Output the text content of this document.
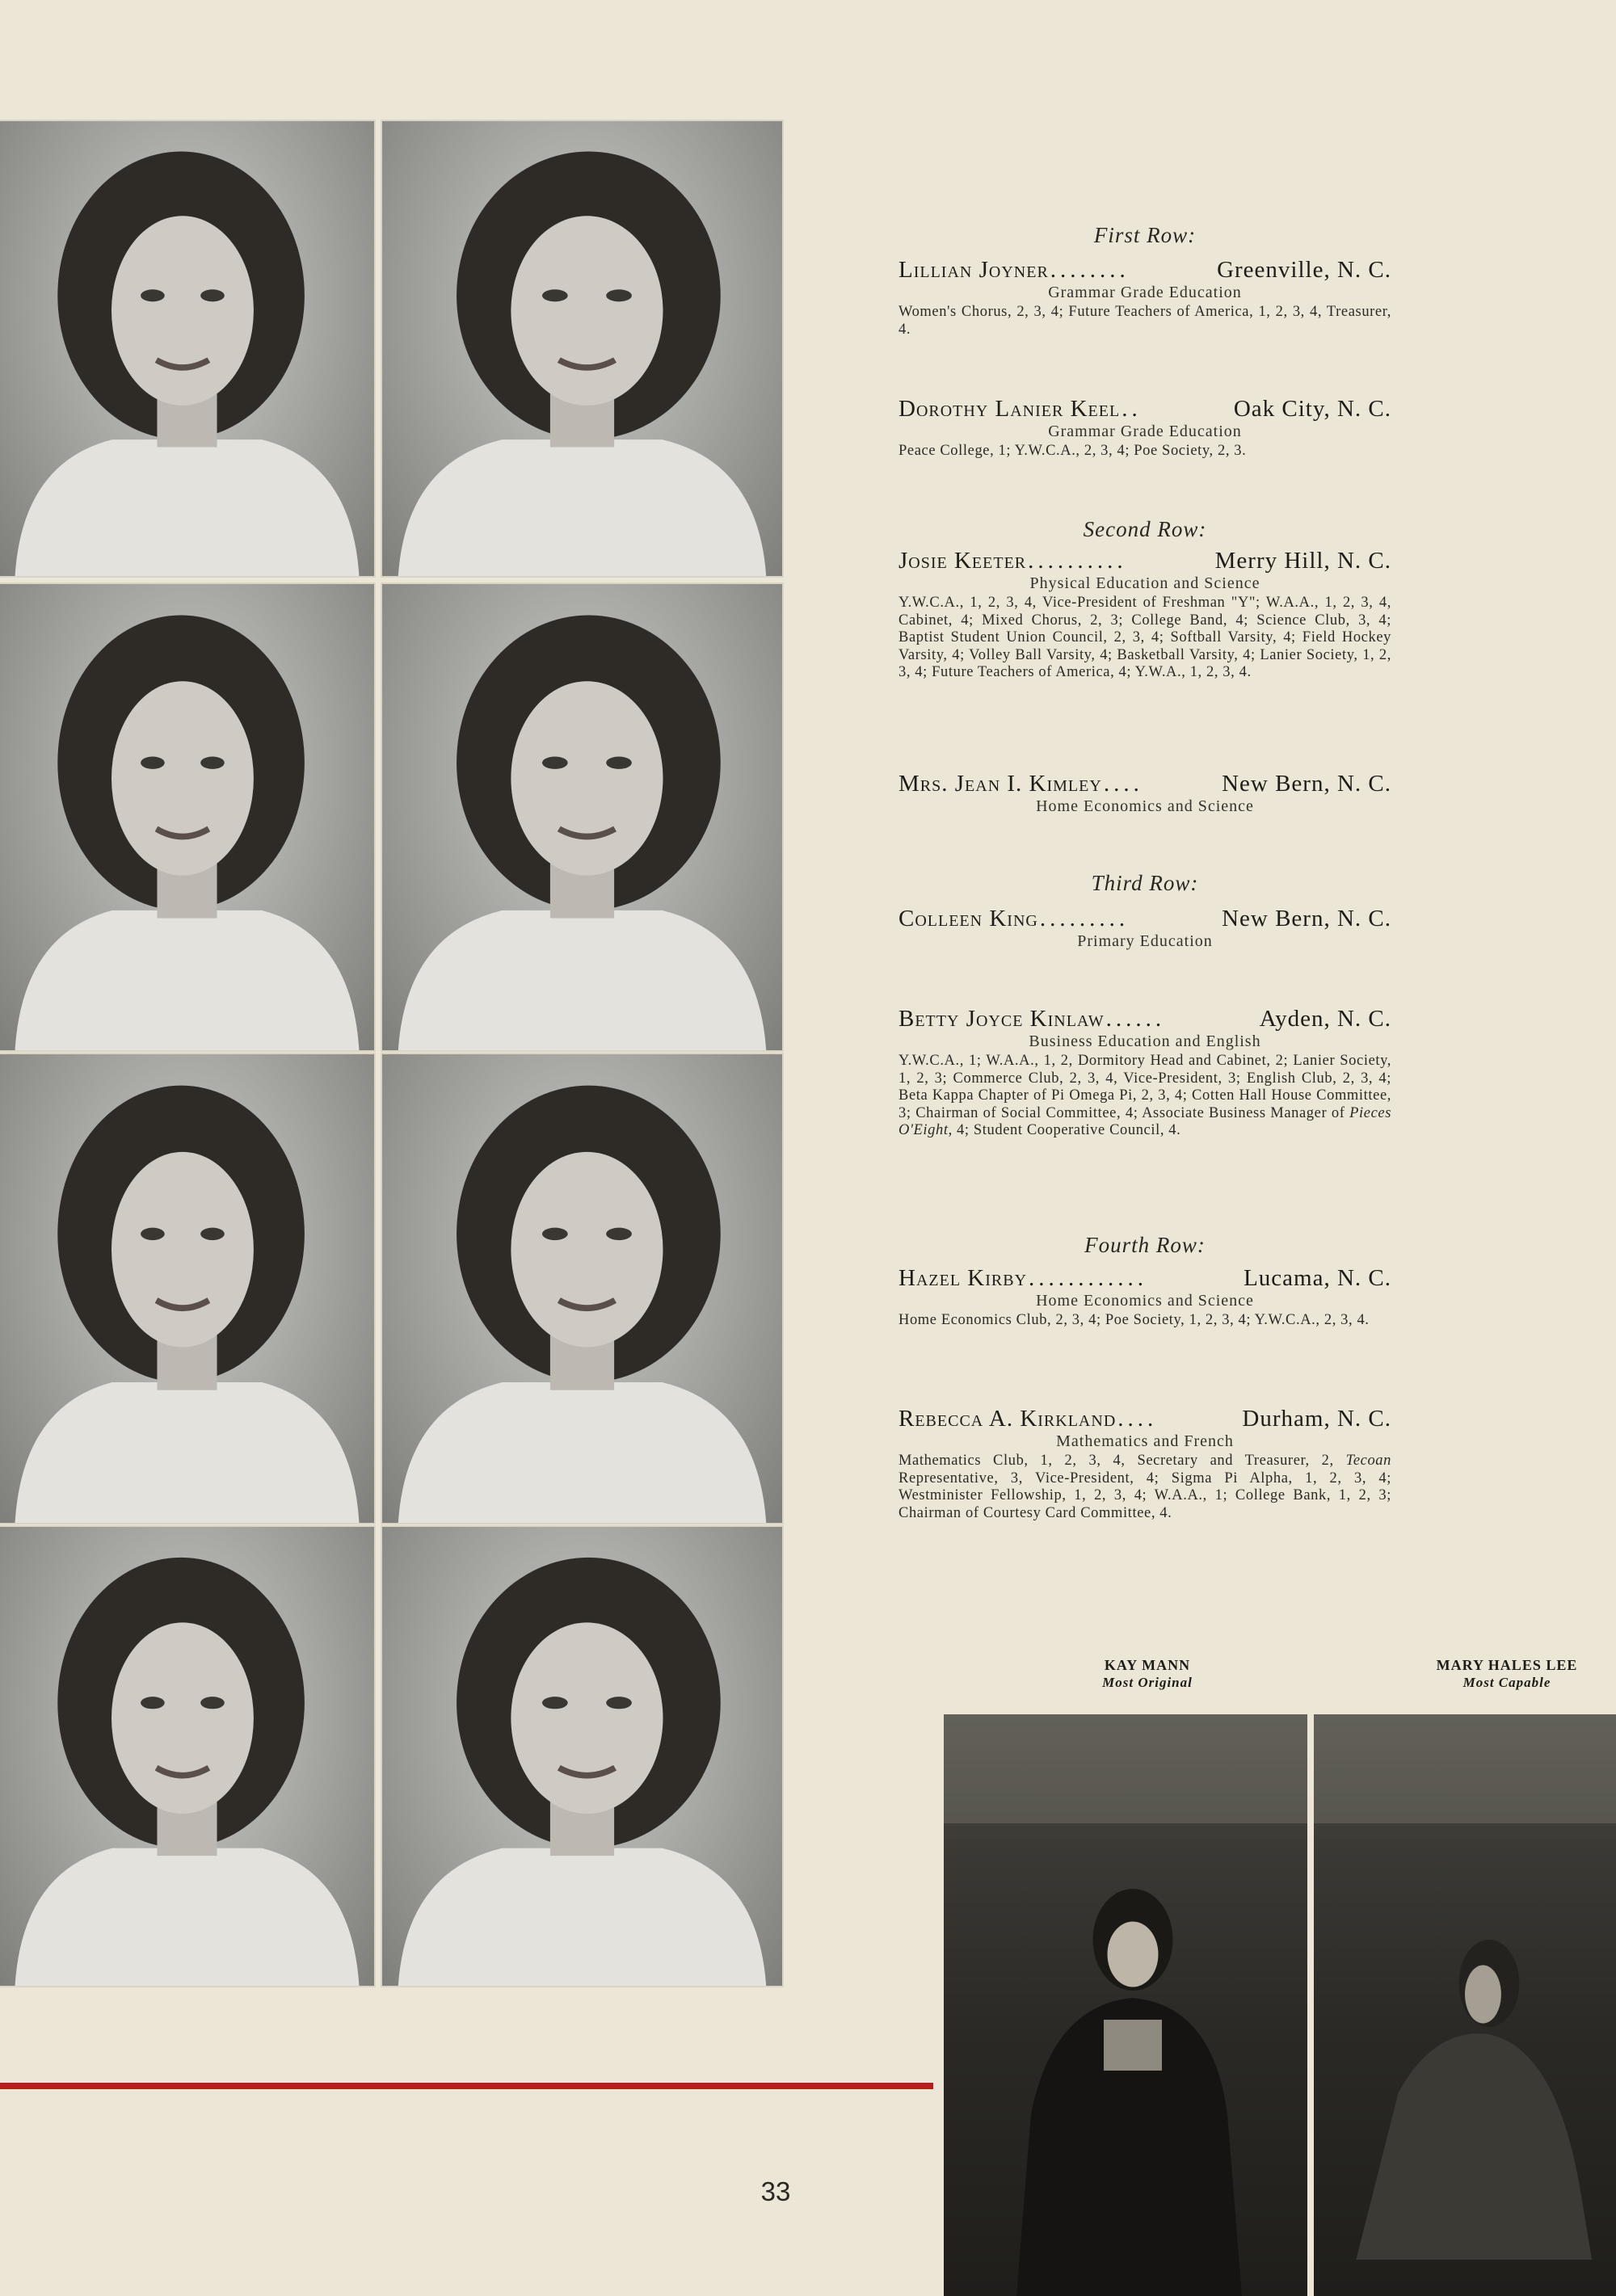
First Row:
Lillian Joyner ........	Greenville, N. C.
Grammar Grade Education
Women's Chorus, 2, 3, 4; Future Teachers of America, 1, 2, 3, 4, Treasurer, 4.
Dorothy Lanier Keel ..	Oak City, N. C.
Grammar Grade Education
Peace College, 1; Y.W.C.A., 2, 3, 4; Poe Society, 2, 3.
Second Row:
Josie Keeter ..........	Merry Hill, N. C.
Physical Education and Science
Y.W.C.A., 1, 2, 3, 4, Vice-President of Freshman "Y"; W.A.A., 1, 2, 3, 4, Cabinet, 4; Mixed Chorus, 2, 3; College Band, 4; Science Club, 3, 4; Baptist Student Union Council, 2, 3, 4; Softball Varsity, 4; Field Hockey Varsity, 4; Volley Ball Varsity, 4; Basketball Varsity, 4; Lanier Society, 1, 2, 3, 4; Future Teachers of America, 4; Y.W.A., 1, 2, 3, 4.
Mrs. Jean I. Kimley ....	New Bern, N. C.
Home Economics and Science
Third Row:
Colleen King .........	New Bern, N. C.
Primary Education
Betty Joyce Kinlaw ......	Ayden, N. C.
Business Education and English
Y.W.C.A., 1; W.A.A., 1, 2, Dormitory Head and Cabinet, 2; Lanier Society, 1, 2, 3; Commerce Club, 2, 3, 4, Vice-President, 3; English Club, 2, 3, 4; Beta Kappa Chapter of Pi Omega Pi, 2, 3, 4; Cotten Hall House Committee, 3; Chairman of Social Committee, 4; Associate Business Manager of Pieces O'Eight, 4; Student Cooperative Council, 4.
Fourth Row:
Hazel Kirby ............	Lucama, N. C.
Home Economics and Science
Home Economics Club, 2, 3, 4; Poe Society, 1, 2, 3, 4; Y.W.C.A., 2, 3, 4.
Rebecca A. Kirkland ....	Durham, N. C.
Mathematics and French
Mathematics Club, 1, 2, 3, 4, Secretary and Treasurer, 2, Tecoan Representative, 3, Vice-President, 4; Sigma Pi Alpha, 1, 2, 3, 4; Westminister Fellowship, 1, 2, 3, 4; W.A.A., 1; College Bank, 1, 2, 3; Chairman of Courtesy Card Committee, 4.
KAY MANN
Most Original
MARY HALES LEE
Most Capable
33
